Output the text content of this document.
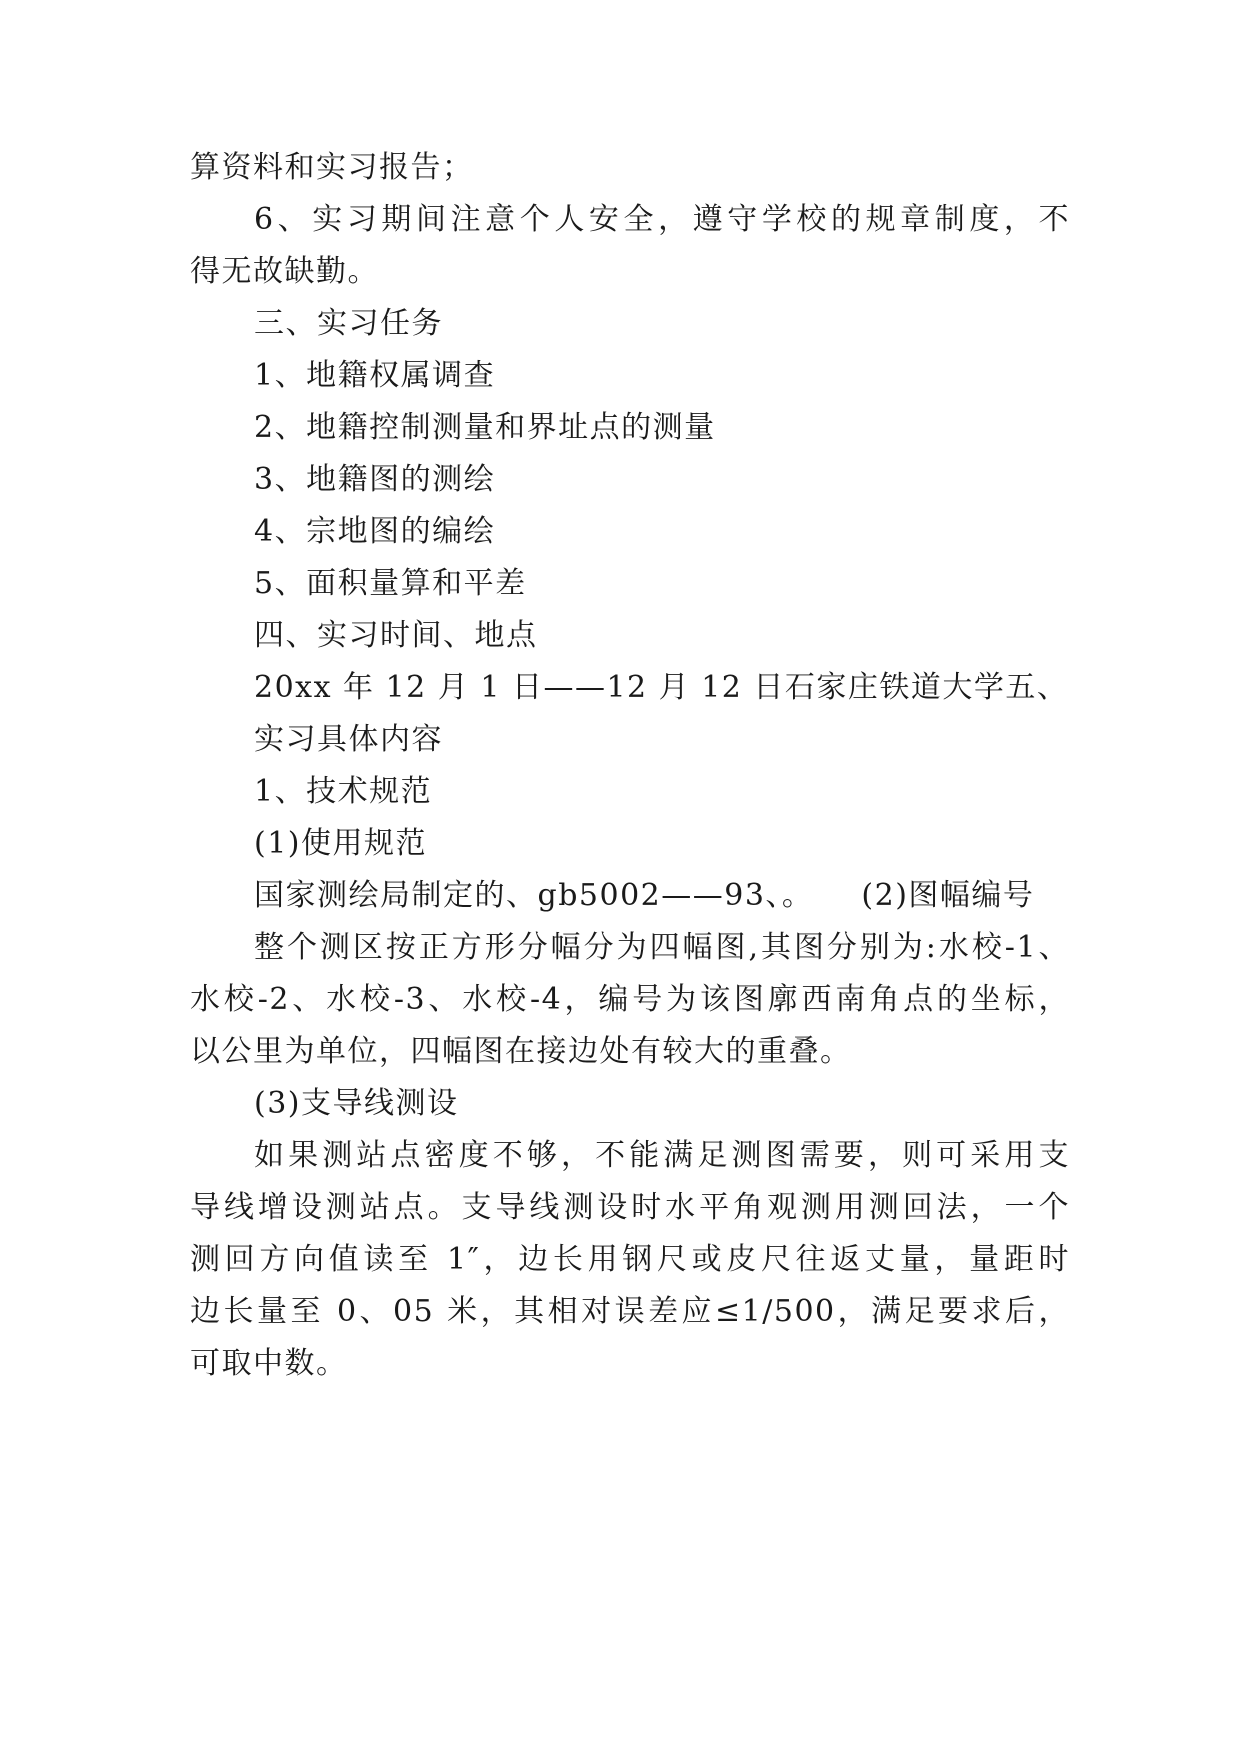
算资料和实习报告；
6、实习期间注意个人安全，遵守学校的规章制度，不
得无故缺勤。
三、实习任务
1、地籍权属调查
2、地籍控制测量和界址点的测量
3、地籍图的测绘
4、宗地图的编绘
5、面积量算和平差
四、实习时间、地点
20xx 年 12 月 1 日——12 月 12 日石家庄铁道大学五、
实习具体内容
1、技术规范
(1)使用规范
国家测绘局制定的、gb5002——93、。　　(2)图幅编号
整个测区按正方形分幅分为四幅图,其图分别为:水校-1、
水校-2、水校-3、水校-4，编号为该图廓西南角点的坐标，
以公里为单位，四幅图在接边处有较大的重叠。
(3)支导线测设
如果测站点密度不够，不能满足测图需要，则可采用支
导线增设测站点。支导线测设时水平角观测用测回法，一个
测回方向值读至 1″，边长用钢尺或皮尺往返丈量，量距时
边长量至 0、05 米，其相对误差应≤1/500，满足要求后，
可取中数。
